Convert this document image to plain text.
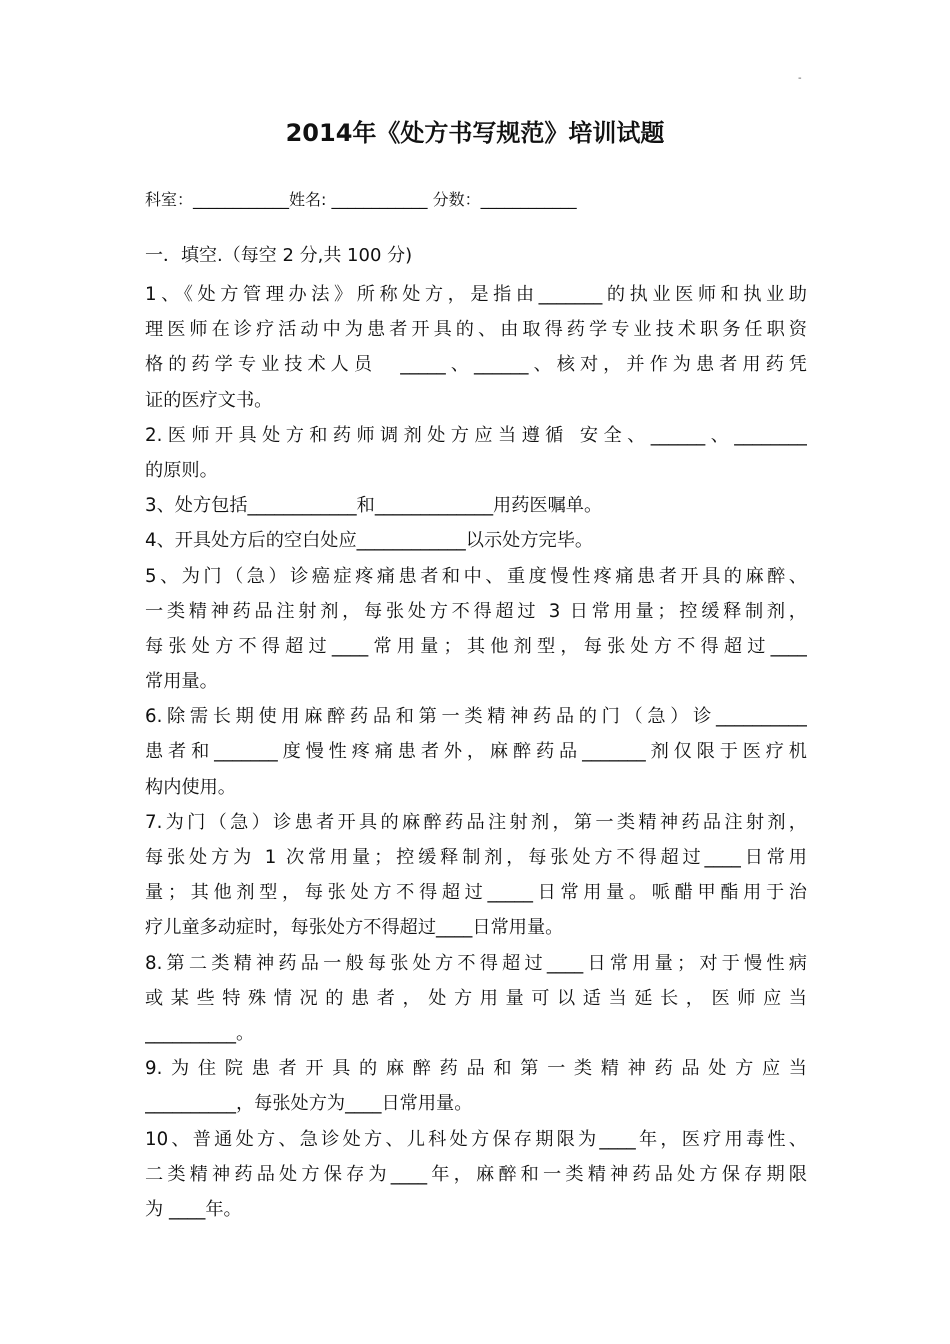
-
2014年《处方书写规范》培训试题
科室：____________姓名: ____________ 分数：____________
一．填空.（每空 2 分,共 100 分)
1、《处方管理办法》所称处方，是指由_______的执业医师和执业助
理医师在诊疗活动中为患者开具的、由取得药学专业技术职务任职资
格的药学专业技术人员　_____、______、核对，并作为患者用药凭
证的医疗文书。
2.医师开具处方和药师调剂处方应当遵循 安全、______、________
的原则。
3、处方包括____________和_____________用药医嘱单。
4、开具处方后的空白处应____________以示处方完毕。
5、为门（急）诊癌症疼痛患者和中、重度慢性疼痛患者开具的麻醉、
一类精神药品注射剂，每张处方不得超过 3 日常用量；控缓释制剂，
每张处方不得超过____常用量；其他剂型，每张处方不得超过____
常用量。
6.除需长期使用麻醉药品和第一类精神药品的门（急）诊__________
患者和_______度慢性疼痛患者外，麻醉药品_______剂仅限于医疗机
构内使用。
7.为门（急）诊患者开具的麻醉药品注射剂，第一类精神药品注射剂，
每张处方为 1 次常用量；控缓释制剂，每张处方不得超过____日常用
量；其他剂型，每张处方不得超过_____日常用量。哌醋甲酯用于治
疗儿童多动症时，每张处方不得超过____日常用量。
8.第二类精神药品一般每张处方不得超过____日常用量；对于慢性病
或某些特殊情况的患者，处方用量可以适当延长，医师应当
__________。
9.为住院患者开具的麻醉药品和第一类精神药品处方应当
__________，每张处方为____日常用量。
10、普通处方、急诊处方、儿科处方保存期限为____年，医疗用毒性、
二类精神药品处方保存为____年，麻醉和一类精神药品处方保存期限
为 ____年。
